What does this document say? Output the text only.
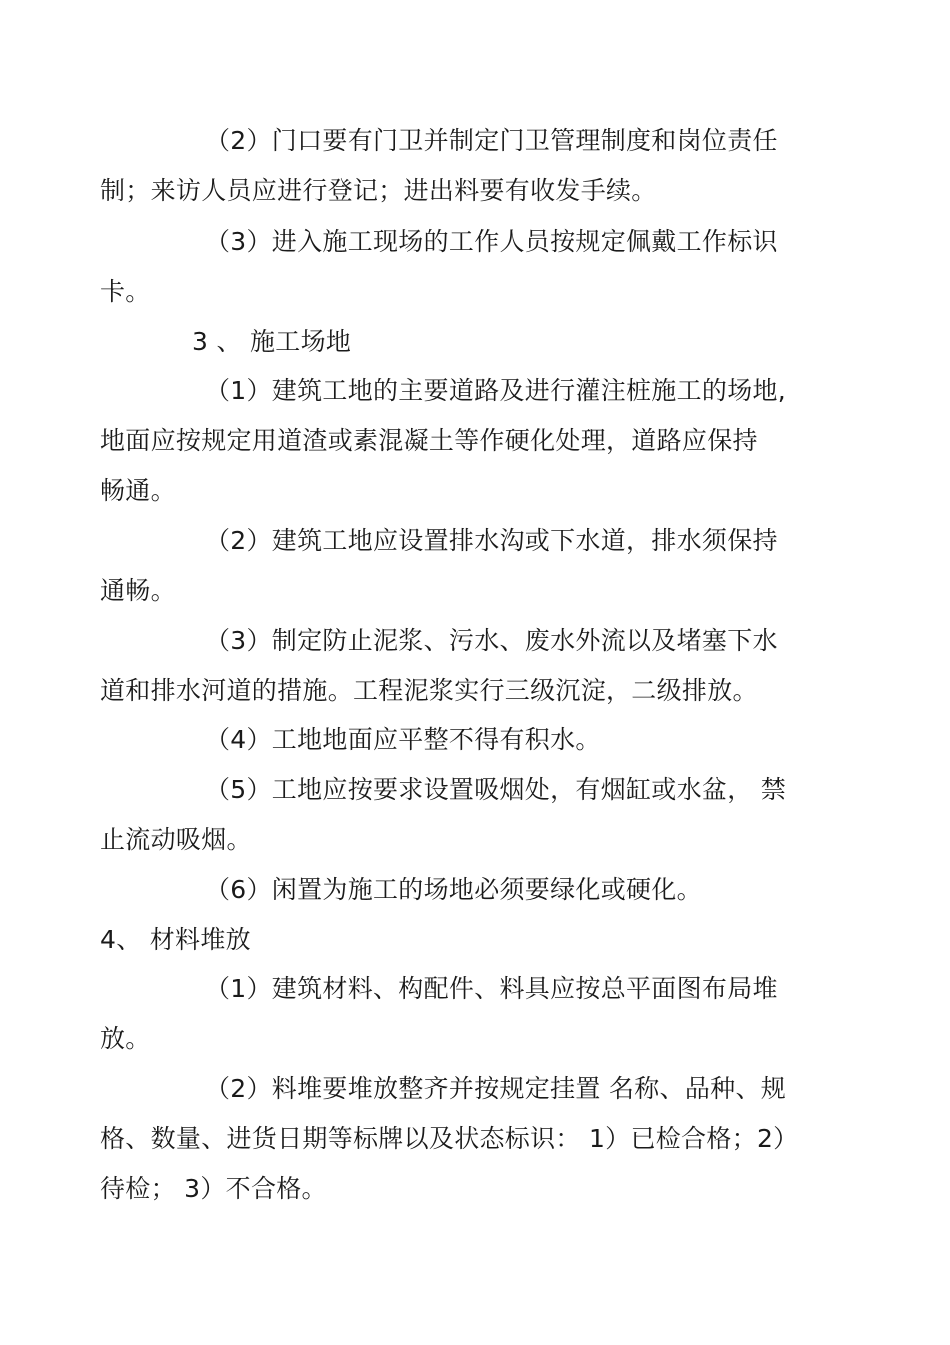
（2）门口要有门卫并制定门卫管理制度和岗位责任
制；来访人员应进行登记；进出料要有收发手续。
（3）进入施工现场的工作人员按规定佩戴工作标识
卡。
3 、 施工场地
（1）建筑工地的主要道路及进行灌注桩施工的场地,
地面应按规定用道渣或素混凝土等作硬化处理，道路应保持
畅通。
（2）建筑工地应设置排水沟或下水道，排水须保持
通畅。
（3）制定防止泥浆、污水、废水外流以及堵塞下水
道和排水河道的措施。工程泥浆实行三级沉淀，二级排放。
（4）工地地面应平整不得有积水。
（5）工地应按要求设置吸烟处，有烟缸或水盆， 禁
止流动吸烟。
（6）闲置为施工的场地必须要绿化或硬化。
4、 材料堆放
（1）建筑材料、构配件、料具应按总平面图布局堆
放。
（2）料堆要堆放整齐并按规定挂置 名称、品种、规
格、数量、进货日期等标牌以及状态标识： 1）已检合格；2）
待检； 3）不合格。
